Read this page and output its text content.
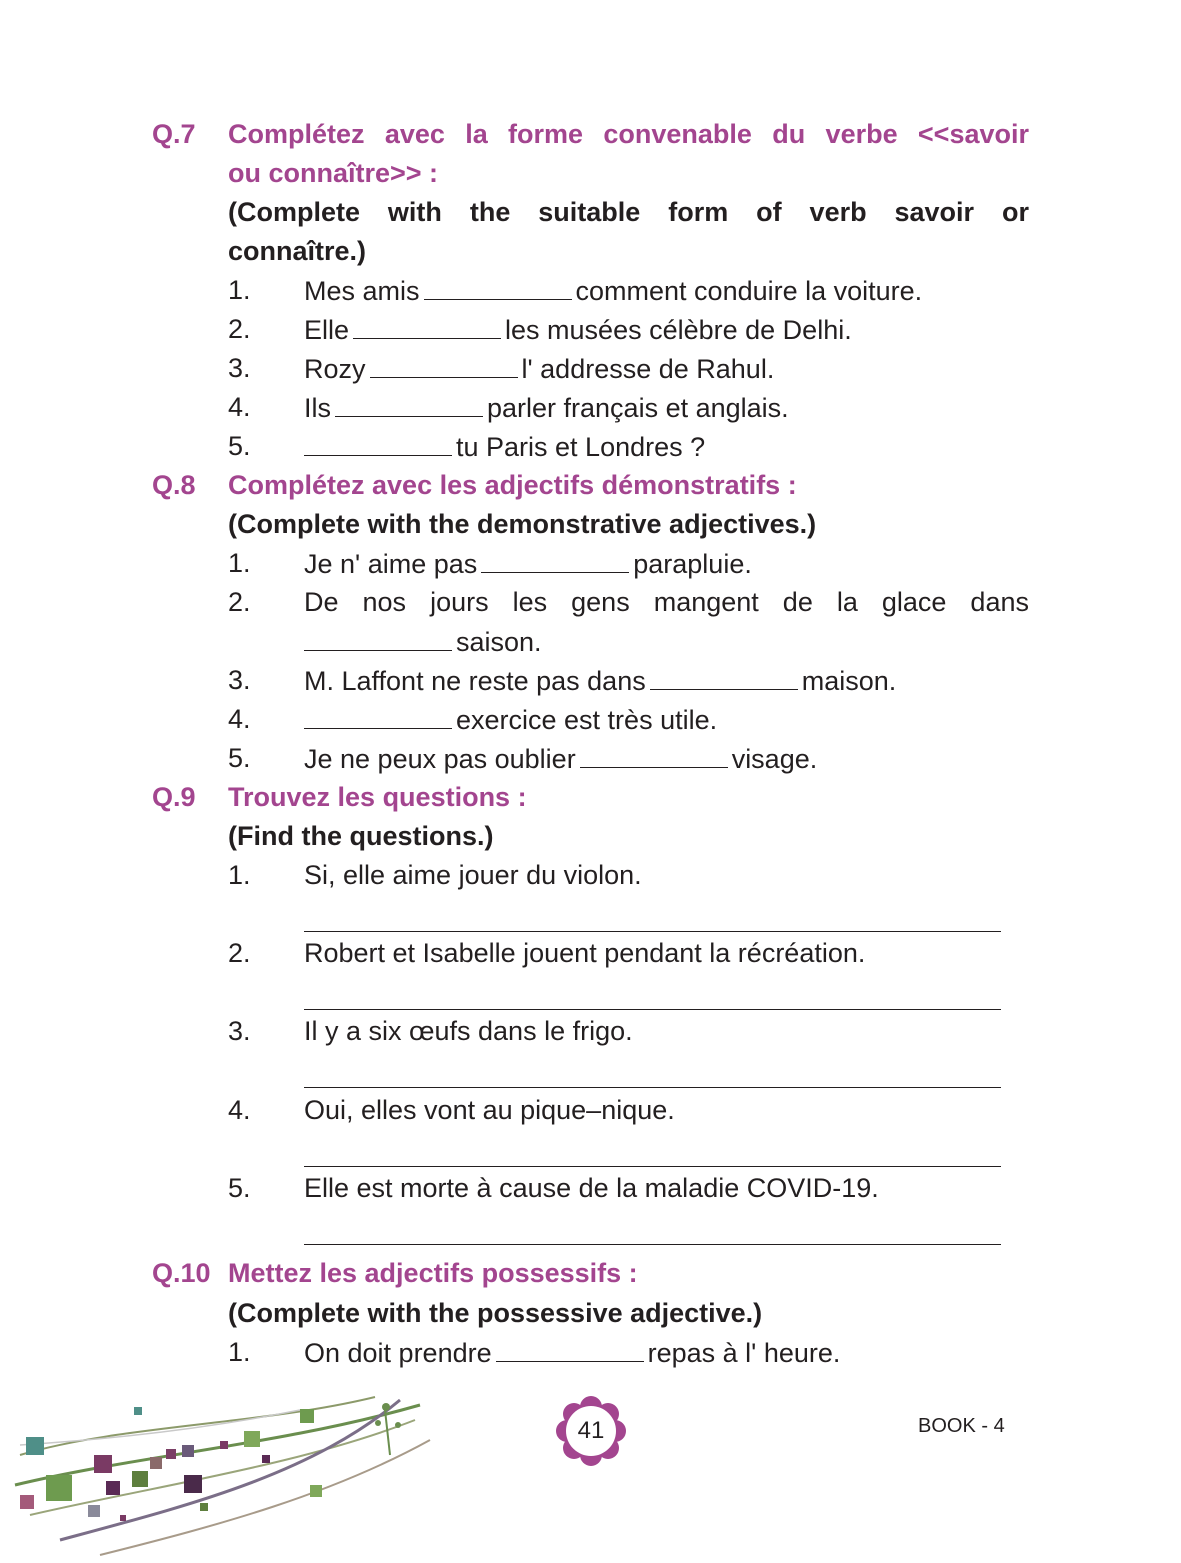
Q.7 Complétez avec la forme convenable du verbe <<savoir
ou connaître>> :
(Complete with the suitable form of verb savoir or
connaître.)
1. Mes amis	comment conduire la voiture.
2. Elle	les musées célèbre de Delhi.
3. Rozy	l' addresse de Rahul.
4. Ils	parler français et anglais.
5.	tu Paris et Londres ?
Q.8 Complétez avec les adjectifs démonstratifs :
(Complete with the demonstrative adjectives.)
1. Je n' aime pas	parapluie.
2. De nos jours les gens mangent de la glace dans
saison.
3. M. Laffont ne reste pas dans	maison.
4.	exercice est très utile.
5. Je ne peux pas oublier	visage.
Q.9 Trouvez les questions :
(Find the questions.)
1. Si, elle aime jouer du violon.
2. Robert et Isabelle jouent pendant la récréation.
3. Il y a six œufs dans le frigo.
4. Oui, elles vont au pique–nique.
5. Elle est morte à cause de la maladie COVID-19.
Q.10 Mettez les adjectifs possessifs :
(Complete with the possessive adjective.)
1. On doit prendre	repas à l' heure.
41	BOOK - 4
